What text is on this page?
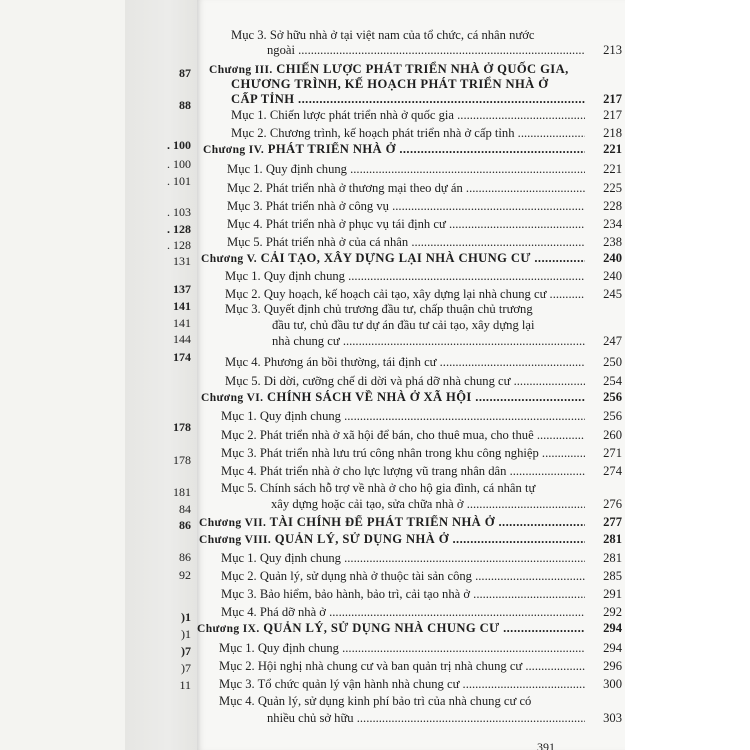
87
88
. 100
. 100
. 101
. 103
. 128
. 128
131
137
141
141
144
174
178
178
181
84
86
86
92
)1
)1
)7
)7
11
Mục 3. Sở hữu nhà ở tại việt nam của tổ chức, cá nhân nước
ngoài .....	213
Chương III. CHIẾN LƯỢC PHÁT TRIỂN NHÀ Ở QUỐC GIA,
CHƯƠNG TRÌNH, KẾ HOẠCH PHÁT TRIỂN NHÀ Ở
CẤP TỈNH .....	217
Mục 1. Chiến lược phát triển nhà ở quốc gia .....	217
Mục 2. Chương trình, kế hoạch phát triển nhà ở cấp tỉnh .....	218
Chương IV. PHÁT TRIỂN NHÀ Ở .....	221
Mục 1. Quy định chung .....	221
Mục 2. Phát triển nhà ở thương mại theo dự án .....	225
Mục 3. Phát triển nhà ở công vụ .....	228
Mục 4. Phát triển nhà ở phục vụ tái định cư .....	234
Mục 5. Phát triển nhà ở của cá nhân .....	238
Chương V. CẢI TẠO, XÂY DỰNG LẠI NHÀ CHUNG CƯ .....	240
Mục 1. Quy định chung .....	240
Mục 2. Quy hoạch, kế hoạch cải tạo, xây dựng lại nhà chung cư .....	245
Mục 3. Quyết định chủ trương đầu tư, chấp thuận chủ trương
đầu tư, chủ đầu tư dự án đầu tư cải tạo, xây dựng lại
nhà chung cư .....	247
Mục 4. Phương án bồi thường, tái định cư .....	250
Mục 5. Di dời, cưỡng chế di dời và phá dỡ nhà chung cư .....	254
Chương VI. CHÍNH SÁCH VỀ NHÀ Ở XÃ HỘI .....	256
Mục 1. Quy định chung .....	256
Mục 2. Phát triển nhà ở xã hội để bán, cho thuê mua, cho thuê .....	260
Mục 3. Phát triển nhà lưu trú công nhân trong khu công nghiệp .....	271
Mục 4. Phát triển nhà ở cho lực lượng vũ trang nhân dân .....	274
Mục 5. Chính sách hỗ trợ về nhà ở cho hộ gia đình, cá nhân tự
xây dựng hoặc cải tạo, sửa chữa nhà ở .....	276
Chương VII. TÀI CHÍNH ĐỂ PHÁT TRIỂN NHÀ Ở .....	277
Chương VIII. QUẢN LÝ, SỬ DỤNG NHÀ Ở .....	281
Mục 1. Quy định chung .....	281
Mục 2. Quản lý, sử dụng nhà ở thuộc tài sản công .....	285
Mục 3. Bảo hiểm, bảo hành, bảo trì, cải tạo nhà ở .....	291
Mục 4. Phá dỡ nhà ở .....	292
Chương IX. QUẢN LÝ, SỬ DỤNG NHÀ CHUNG CƯ .....	294
Mục 1. Quy định chung .....	294
Mục 2. Hội nghị nhà chung cư và ban quản trị nhà chung cư .....	296
Mục 3. Tổ chức quản lý vận hành nhà chung cư .....	300
Mục 4. Quản lý, sử dụng kinh phí bảo trì của nhà chung cư có
nhiều chủ sở hữu .....	303
391
